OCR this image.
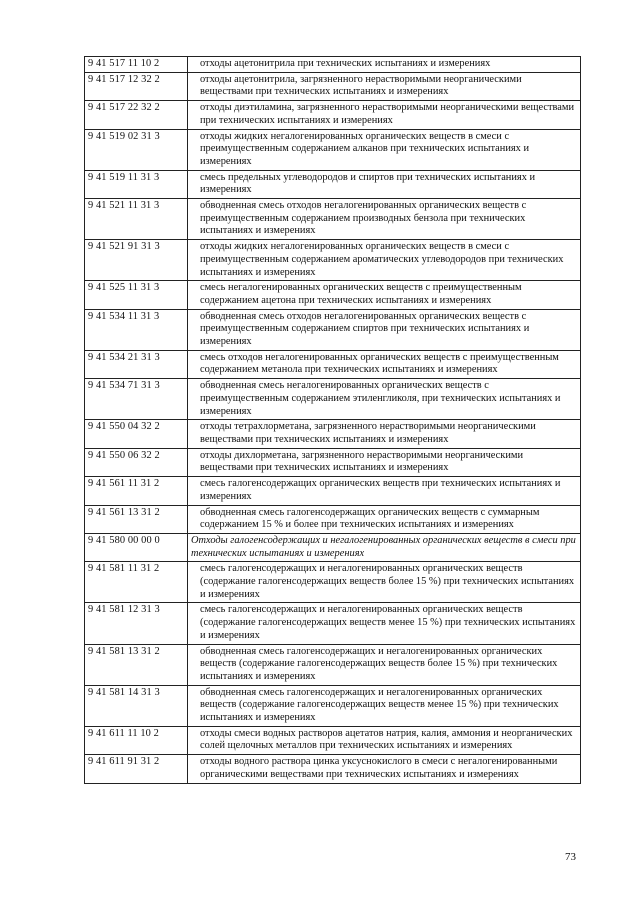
9 41 517 11 10 2	отходы ацетонитрила при технических испытаниях и измерениях
9 41 517 12 32 2	отходы ацетонитрила, загрязненного нерастворимыми неорганическими веществами при технических испытаниях и измерениях
9 41 517 22 32 2	отходы диэтиламина, загрязненного нерастворимыми неорганическими веществами при технических испытаниях и измерениях
9 41 519 02 31 3	отходы жидких негалогенированных органических веществ в смеси с преимущественным содержанием алканов при технических испытаниях и измерениях
9 41 519 11 31 3	смесь предельных углеводородов и спиртов при технических испытаниях и измерениях
9 41 521 11 31 3	обводненная смесь отходов негалогенированных органических веществ с преимущественным содержанием производных бензола при технических испытаниях и измерениях
9 41 521 91 31 3	отходы жидких негалогенированных органических веществ в смеси с преимущественным содержанием ароматических углеводородов при технических испытаниях и измерениях
9 41 525 11 31 3	смесь негалогенированных органических веществ с преимущественным содержанием ацетона при технических испытаниях и измерениях
9 41 534 11 31 3	обводненная смесь отходов негалогенированных органических веществ с преимущественным содержанием спиртов при технических испытаниях и измерениях
9 41 534 21 31 3	смесь отходов негалогенированных органических веществ с преимущественным содержанием метанола при технических испытаниях и измерениях
9 41 534 71 31 3	обводненная смесь негалогенированных органических веществ с преимущественным содержанием этиленгликоля, при технических испытаниях и измерениях
9 41 550 04 32 2	отходы тетрахлорметана, загрязненного нерастворимыми неорганическими веществами при технических испытаниях и измерениях
9 41 550 06 32 2	отходы дихлорметана, загрязненного нерастворимыми неорганическими веществами при технических испытаниях и измерениях
9 41 561 11 31 2	смесь галогенсодержащих органических веществ при технических испытаниях и измерениях
9 41 561 13 31 2	обводненная смесь галогенсодержащих органических веществ с суммарным содержанием 15 % и более при технических испытаниях и измерениях
9 41 580 00 00 0	Отходы галогенсодержащих и негалогенированных органических веществ в смеси при технических испытаниях и измерениях
9 41 581 11 31 2	смесь галогенсодержащих и негалогенированных органических веществ (содержание галогенсодержащих веществ более 15 %) при технических испытаниях и измерениях
9 41 581 12 31 3	смесь галогенсодержащих и негалогенированных органических веществ (содержание галогенсодержащих веществ менее 15 %) при технических испытаниях и измерениях
9 41 581 13 31 2	обводненная смесь галогенсодержащих и негалогенированных органических веществ (содержание галогенсодержащих веществ более 15 %) при технических испытаниях и измерениях
9 41 581 14 31 3	обводненная смесь галогенсодержащих и негалогенированных органических веществ (содержание галогенсодержащих веществ менее 15 %) при технических испытаниях и измерениях
9 41 611 11 10 2	отходы смеси водных растворов ацетатов натрия, калия, аммония и неорганических солей щелочных металлов при технических испытаниях и измерениях
9 41 611 91 31 2	отходы водного раствора цинка уксуснокислого в смеси с негалогенированными органическими веществами при технических испытаниях и измерениях
73
